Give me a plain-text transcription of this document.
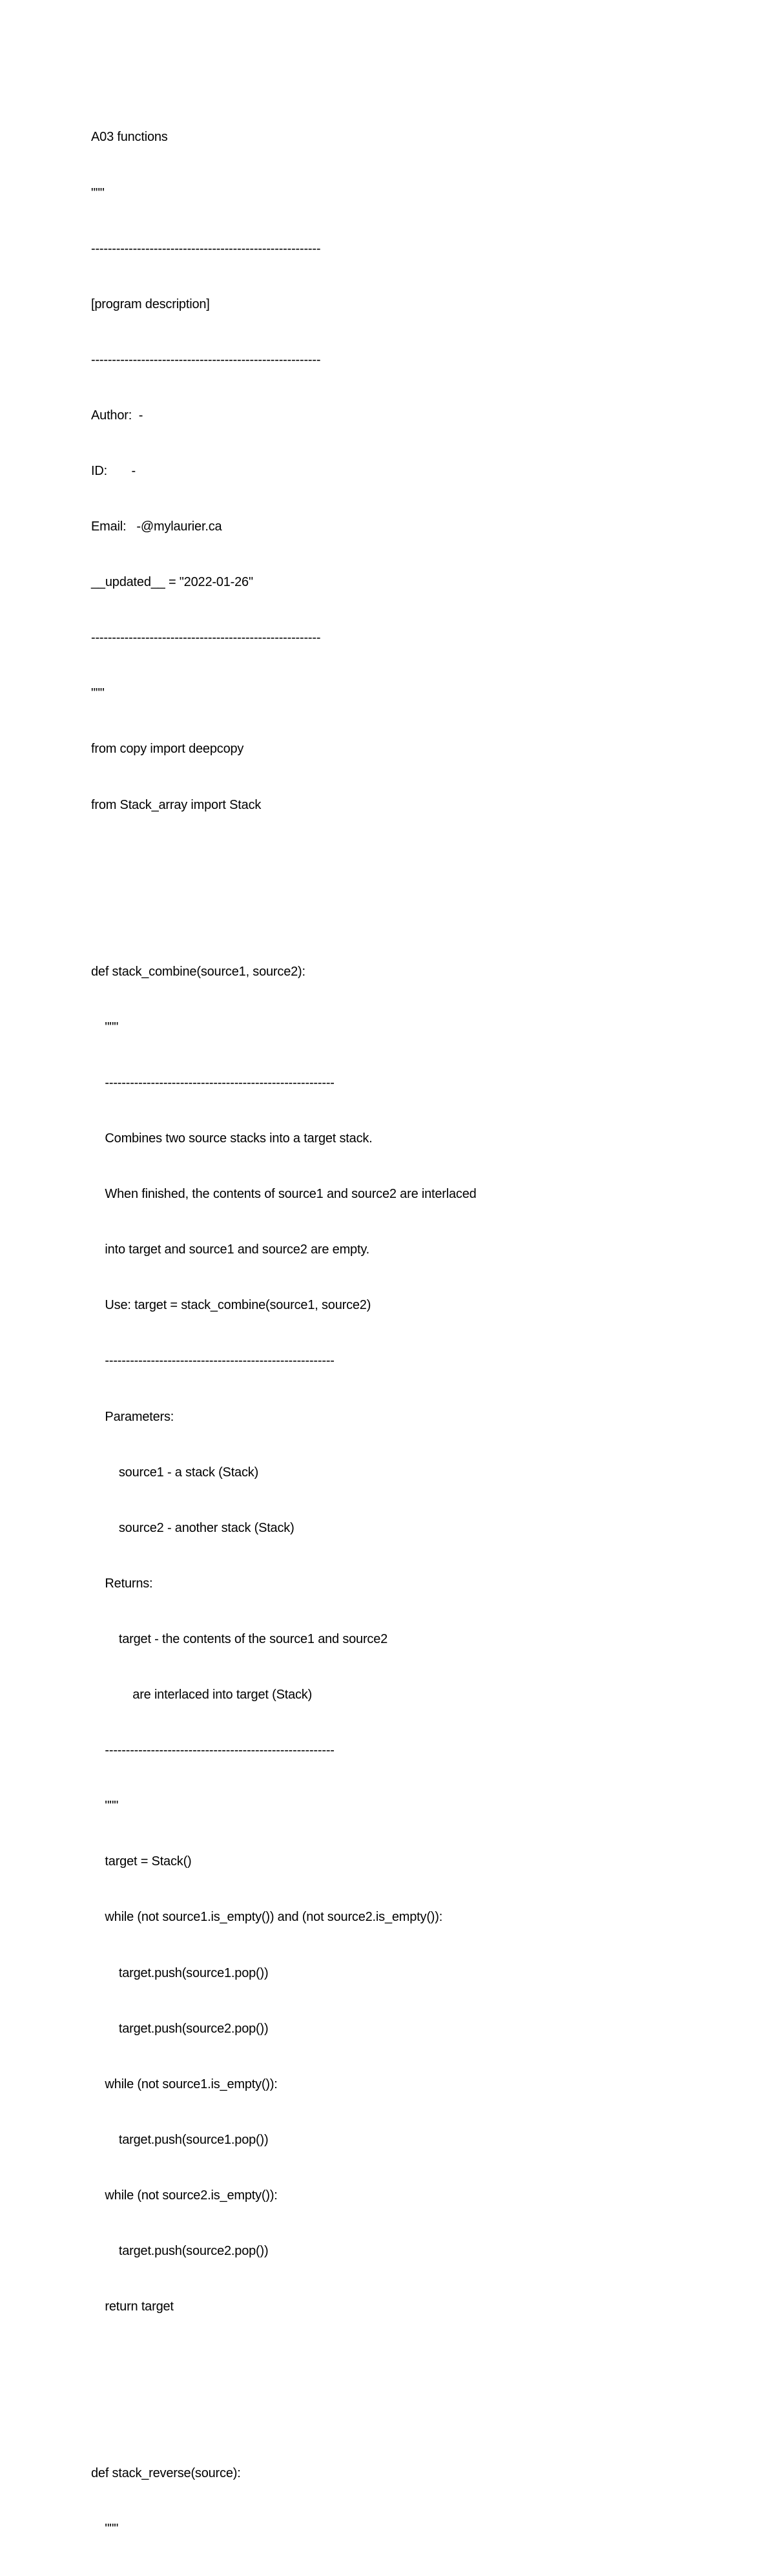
A03 functions

"""

-------------------------------------------------------

[program description]

-------------------------------------------------------

Author:  -

ID:       -

Email:   -@mylaurier.ca

__updated__ = "2022-01-26"

-------------------------------------------------------

"""

from copy import deepcopy

from Stack_array import Stack

def stack_combine(source1, source2):

"""

-------------------------------------------------------

Combines two source stacks into a target stack.

When finished, the contents of source1 and source2 are interlaced

into target and source1 and source2 are empty.

Use: target = stack_combine(source1, source2)

-------------------------------------------------------

Parameters:

source1 - a stack (Stack)

source2 - another stack (Stack)

Returns:

target - the contents of the source1 and source2

are interlaced into target (Stack)

-------------------------------------------------------

"""

target = Stack()

while (not source1.is_empty()) and (not source2.is_empty()):

target.push(source1.pop())

target.push(source2.pop())

while (not source1.is_empty()):

target.push(source1.pop())

while (not source2.is_empty()):

target.push(source2.pop())

return target

def stack_reverse(source):

"""
